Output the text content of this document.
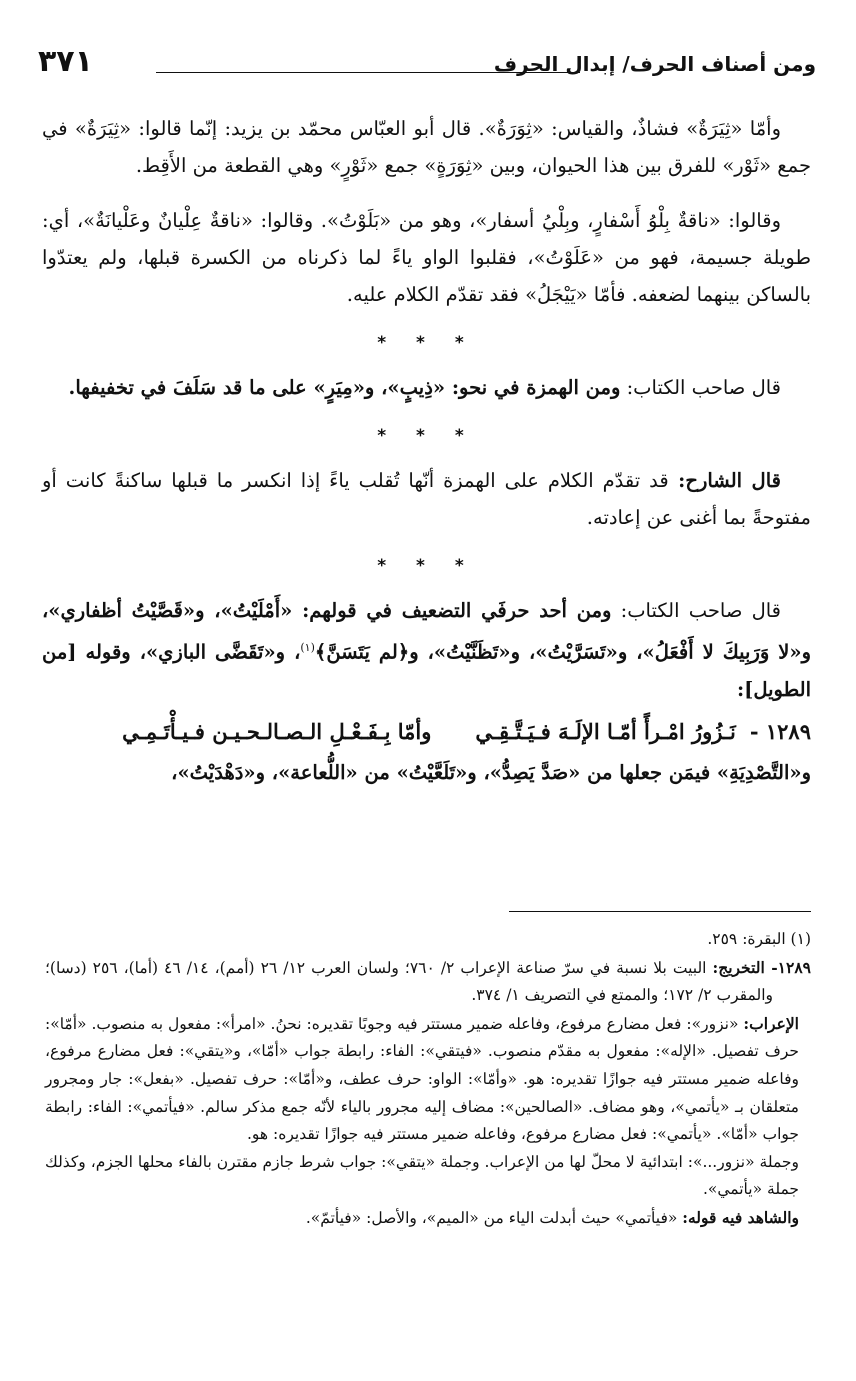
ومن أصناف الحرف/ إبدال الحرف
٣٧١

وأمّا «ثِيَرَةٌ» فشاذٌ، والقياس: «ثِوَرَةٌ». قال أبو العبّاس محمّد بن يزيد: إنّما قالوا: «ثِيَرَةٌ» في جمع «ثَوْر» للفرق بين هذا الحيوان، وبين «ثِوَرَةٍ» جمع «ثَوْرٍ» وهي القطعة من الأَقِط.

وقالوا: «ناقةٌ بِلْوُ أَسْفارٍ، وبِلْيُ أسفار»، وهو من «بَلَوْتُ». وقالوا: «ناقةٌ عِلْيانٌ وعَلْيانَةٌ»، أي: طويلة جسيمة، فهو من «عَلَوْتُ»، فقلبوا الواو ياءً لما ذكرناه من الكسرة قبلها، ولم يعتدّوا بالساكن بينهما لضعفه. فأمّا «يَيْجَلُ» فقد تقدّم الكلام عليه.

* * *

قال صاحب الكتاب: ومن الهمزة في نحو: «ذِيبٍ»، و«مِيَرٍ» على ما قد سَلَفَ في تخفيفها.

* * *

قال الشارح: قد تقدّم الكلام على الهمزة أنّها تُقلب ياءً إذا انكسر ما قبلها ساكنةً كانت أو مفتوحةً بما أغنى عن إعادته.

* * *

قال صاحب الكتاب: ومن أحد حرفَي التضعيف في قولهم: «أَمْلَيْتُ»، و«قَصَّيْتُ أظفاري»، و«لا وَرَبِيكَ لا أَفْعَلُ»، و«تَسَرَّيْتُ»، و«تَظَنَّيْتُ»، و﴿لم يَتَسَنَّ﴾$^{(١)}$، و«تَقَضَّى البازي»، وقوله [من الطويل]:

١٢٨٩ -
نَـزُورُ امْـرأً أمّـا الإلَـهَ فـيَـتَّـقِـي
وأمّا بِـفَـعْـلِ الـصـالـحـيـن فـيـأْتَـمِـي

و«التَّصْدِيَةِ» فيمَن جعلها من «صَدَّ يَصِدُّ»، و«تَلَعَّيْتُ» من «اللُّعاعة»، و«دَهْدَيْتُ»،

(١) البقرة: ٢٥٩.

١٢٨٩- التخريج: البيت بلا نسبة في سرّ صناعة الإعراب ٢/ ٧٦٠؛ ولسان العرب ١٢/ ٢٦ (أمم)، ١٤/ ٤٦ (أما)، ٢٥٦ (دسا)؛ والمقرب ٢/ ١٧٢؛ والممتع في التصريف ١/ ٣٧٤.

الإعراب: «نزور»: فعل مضارع مرفوع، وفاعله ضمير مستتر فيه وجوبًا تقديره: نحنُ. «امرأ»: مفعول به منصوب. «أمّا»: حرف تفصيل. «الإله»: مفعول به مقدّم منصوب. «فيتقي»: الفاء: رابطة جواب «أمّا»، و«يتقي»: فعل مضارع مرفوع، وفاعله ضمير مستتر فيه جوازًا تقديره: هو. «وأمّا»: الواو: حرف عطف، و«أمّا»: حرف تفصيل. «بفعل»: جار ومجرور متعلقان بـ «يأتمي»، وهو مضاف. «الصالحين»: مضاف إليه مجرور بالياء لأنّه جمع مذكر سالم. «فيأتمي»: الفاء: رابطة جواب «أمّا». «يأتمي»: فعل مضارع مرفوع، وفاعله ضمير مستتر فيه جوازًا تقديره: هو.

وجملة «نزور...»: ابتدائية لا محلّ لها من الإعراب. وجملة «يتقي»: جواب شرط جازم مقترن بالفاء محلها الجزم، وكذلك جملة «يأتمي».

والشاهد فيه قوله: «فيأتمي» حيث أبدلت الياء من «الميم»، والأصل: «فيأتمّ».
